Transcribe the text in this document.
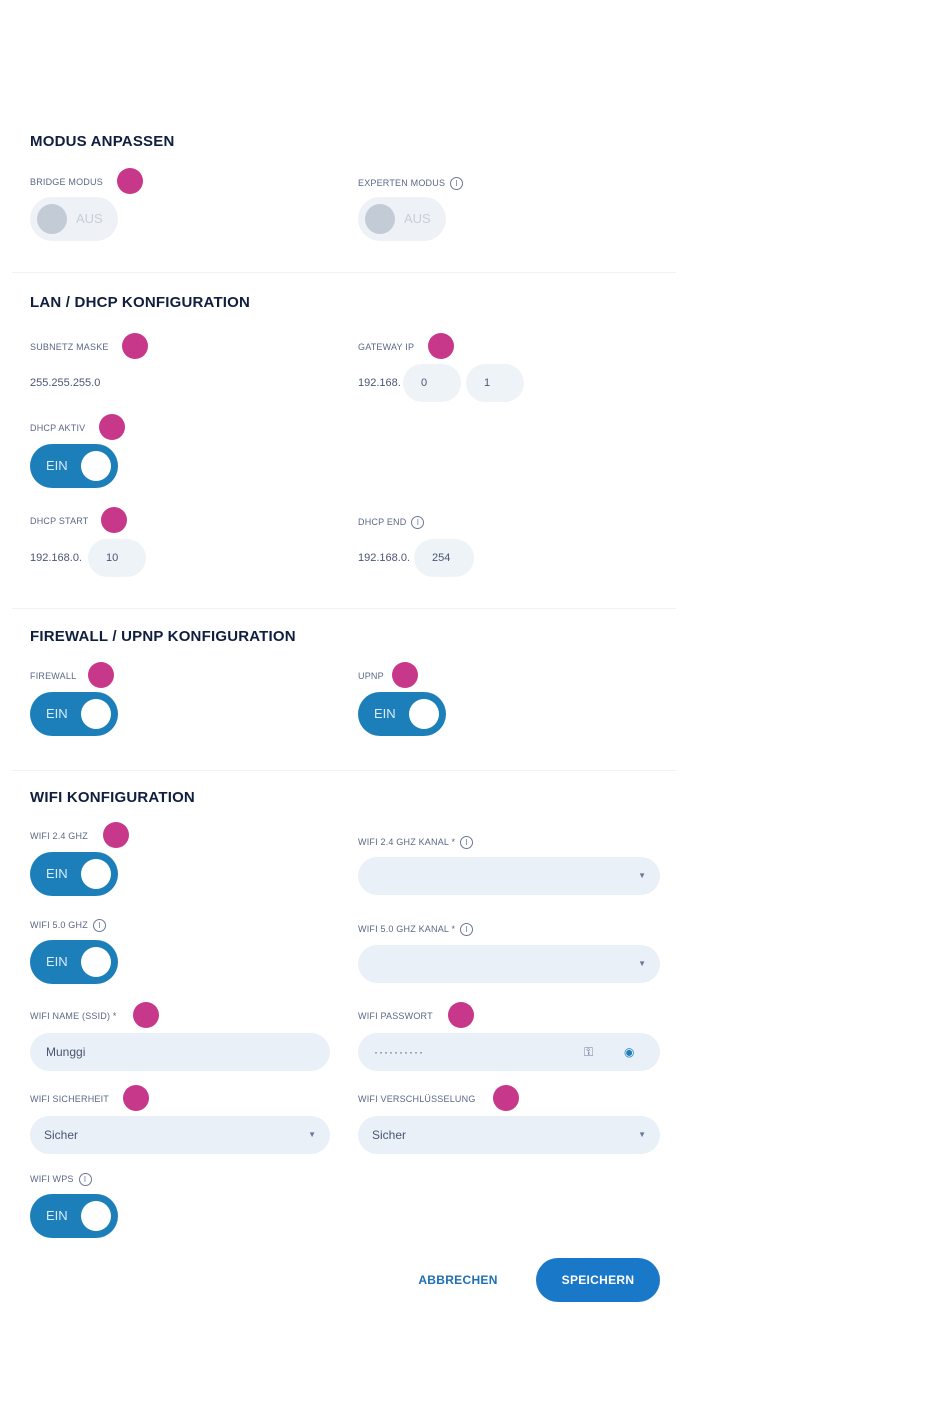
MODUS ANPASSEN
BRIDGE MODUS
AUS
EXPERTEN MODUS I
AUS
LAN / DHCP KONFIGURATION
SUBNETZ MASKE
255.255.255.0
GATEWAY IP
192.168.	0	1
DHCP AKTIV
EIN
DHCP START
192.168.0.	10
DHCP END I
192.168.0.	254
FIREWALL / UPNP KONFIGURATION
FIREWALL
EIN
UPNP
EIN
WIFI KONFIGURATION
WIFI 2.4 GHZ
EIN
WIFI 2.4 GHZ KANAL * I
▼
WIFI 5.0 GHZ I
EIN
WIFI 5.0 GHZ KANAL * I
▼
WIFI NAME (SSID) *
Munggi
WIFI PASSWORT
··········	⚿ ◉
WIFI SICHERHEIT
Sicher	▼
WIFI VERSCHLÜSSELUNG
Sicher	▼
WIFI WPS I
EIN
ABBRECHEN	SPEICHERN
